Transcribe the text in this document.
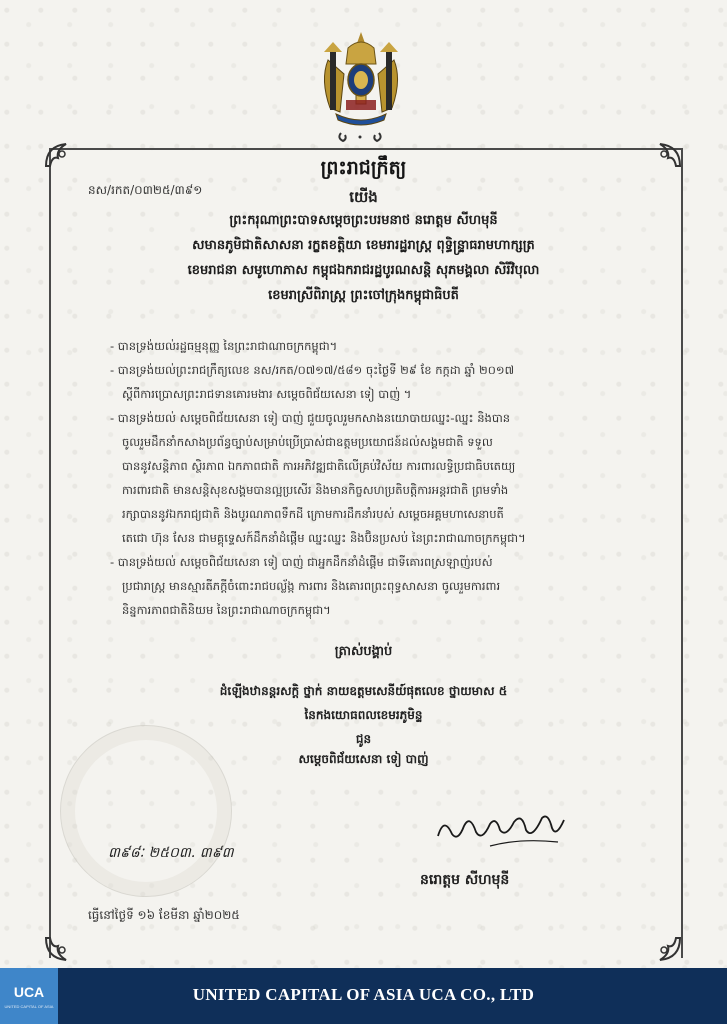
ព្រះរាជក្រឹត្យ
នស/រកត/០៣២៥/៣៩១	យើង
ព្រះករុណាព្រះបាទសម្តេចព្រះបរមនាថ នរោត្តម សីហមុនី
សមានភូមិជាតិសាសនា រក្ខតខត្តិយា ខេមរារដ្ឋរាស្ត្រ ពុទ្ធិន្ទ្រាធរាមហាក្សត្រ
ខេមរាជនា សមូហោភាស កម្ពុជឯករាជរដ្ឋបូរណសន្តិ សុភមង្គលា សិរីវិបុលា
ខេមរាស្រីពិរាស្ត្រ ព្រះចៅក្រុងកម្ពុជាធិបតី
- បានទ្រង់យល់រដ្ឋធម្មនុញ្ញ នៃព្រះរាជាណាចក្រកម្ពុជា។
- បានទ្រង់យល់ព្រះរាជក្រឹត្យលេខ នស/រកត/០៧១៧/៥៨១ ចុះថ្ងៃទី ២៩ ខែ កក្កដា ឆ្នាំ ២០១៧
ស្តីពីការប្រោសព្រះរាជទានគោរមងារ សម្តេចពិជ័យសេនា ទៀ បាញ់ ។
- បានទ្រង់យល់ សម្តេចពិជ័យសេនា ទៀ បាញ់ ជួយចូលរួមកសាងនយោបាយឈ្នះ-ឈ្នះ និងបាន
ចូលរួមដឹកនាំកសាងប្រព័ន្ធច្បាប់សម្រាប់ប្រើប្រាស់ជាឧត្តមប្រយោជន៍ដល់សង្គមជាតិ ទទួល
បាននូវសន្តិភាព ស្ថិរភាព ឯកភាពជាតិ ការអភិវឌ្ឍជាតិលើគ្រប់វិស័យ ការពារលទ្ធិប្រជាធិបតេយ្យ
ការពារជាតិ មានសន្តិសុខសង្គមបានល្អប្រសើរ និងមានកិច្ចសហប្រតិបត្តិការអន្តរជាតិ ព្រមទាំង
រក្សាបាននូវឯករាជ្យជាតិ និងបូរណភាពទឹកដី ក្រោមការដឹកនាំរបស់ សម្តេចអគ្គមហាសេនាបតី
តេជោ ហ៊ុន សែន ជាមគ្គុទ្ទេសក៍ដឹកនាំដំផ្តើម ឈ្នះឈ្នះ និងប៊ិនប្រសប់ នៃព្រះរាជាណាចក្រកម្ពុជា។
- បានទ្រង់យល់ សម្តេចពិជ័យសេនា ទៀ បាញ់ ជាអ្នកដឹកនាំដំផ្តើម ជាទីគោរពស្រឡាញ់របស់
ប្រជារាស្ត្រ មានស្មារតីភក្តីចំពោះរាជបល្ល័ង្ក ការពារ និងគោរពព្រះពុទ្ធសាសនា ចូលរួមការពារ
និន្នការភាពជាតិនិយម នៃព្រះរាជាណាចក្រកម្ពុជា។
ត្រាស់បង្គាប់
ដំឡើងឋានន្តរសក្តិ ថ្នាក់ នាយឧត្តមសេនីយ៍ផុតលេខ ថ្នាយមាស ៥
នៃកងយោធពលខេមរភូមិន្ទ
ជូន
សម្តេចពិជ័យសេនា ទៀ បាញ់
៣៩៨ៈ ២៥០៣. ៣៩៣
នរោត្តម សីហមុនី
ធ្វើនៅថ្ងៃទី ១៦ ខែមីនា ឆ្នាំ២០២៥
UCA
UNITED CAPITAL OF ASIA
UNITED CAPITAL OF ASIA UCA CO., LTD
